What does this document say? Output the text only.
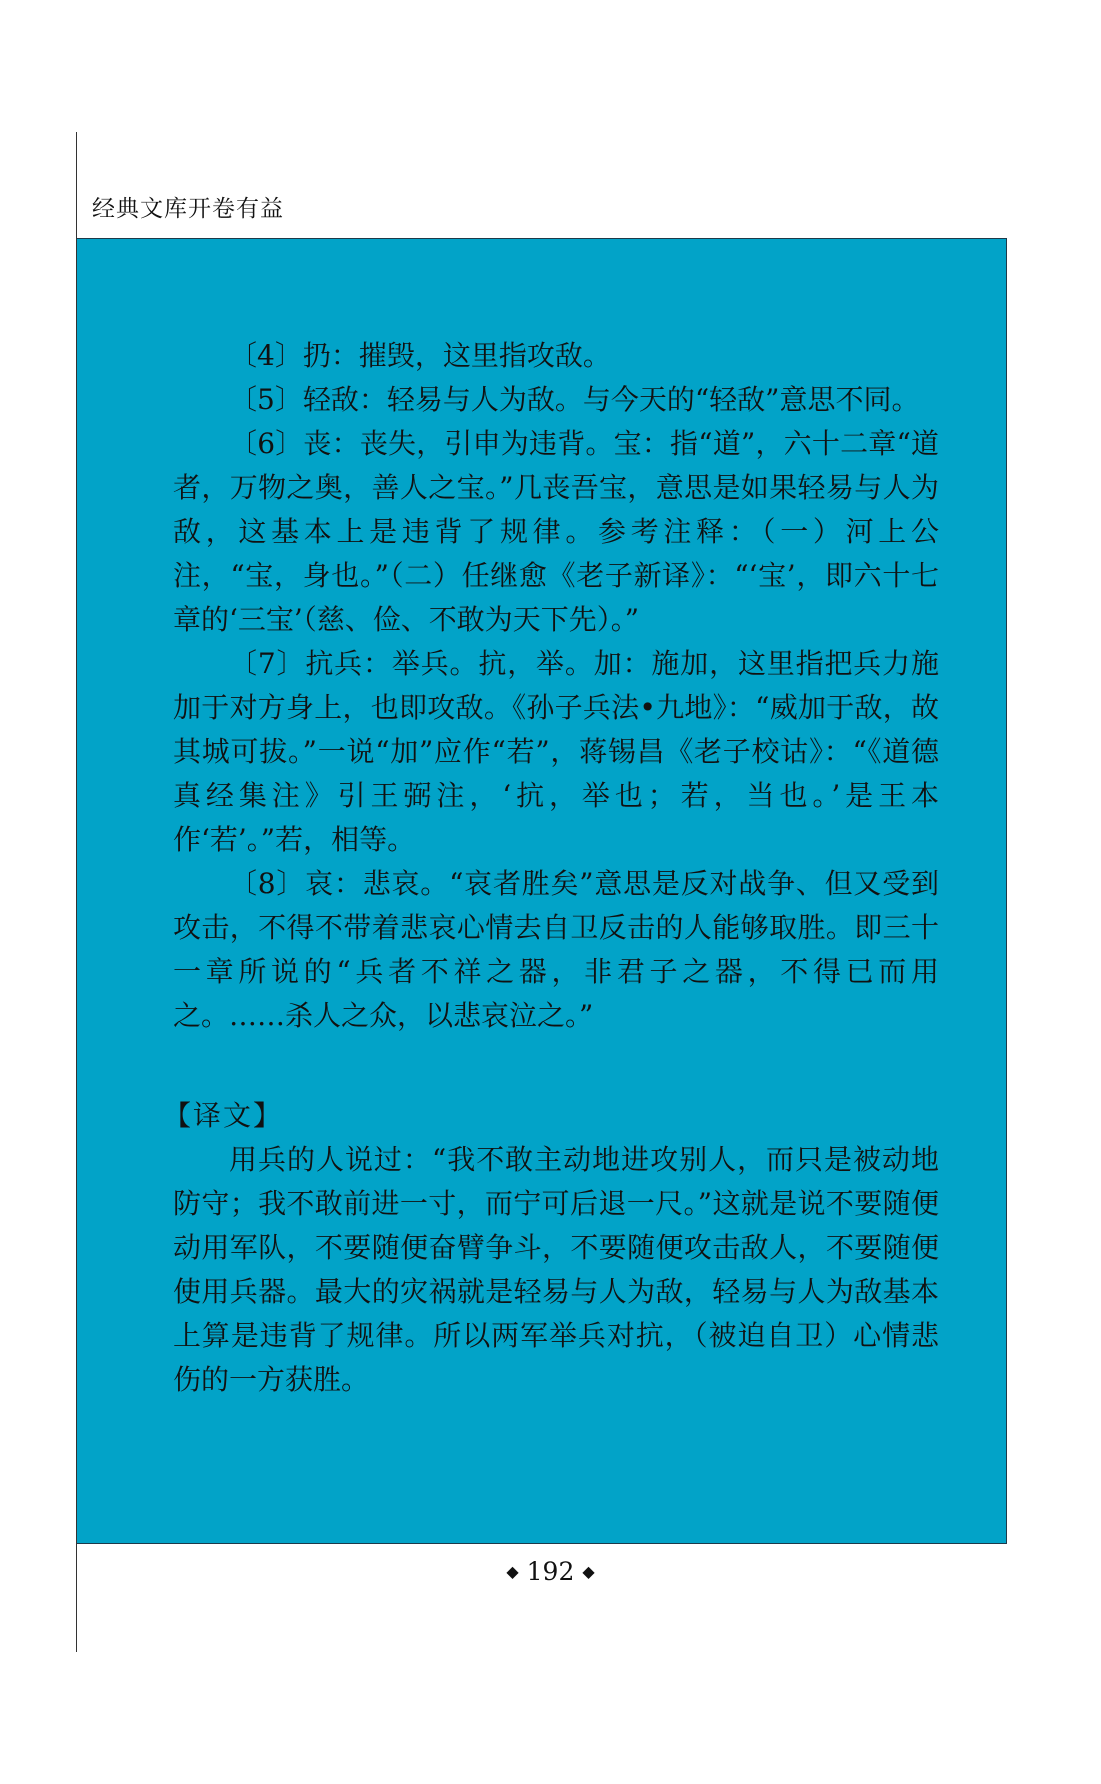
经典文库开卷有益

〔4〕扔：摧毁，这里指攻敌。

〔5〕轻敌：轻易与人为敌。与今天的“轻敌”意思不同。

〔6〕丧：丧失，引申为违背。宝：指“道”，六十二章“道者，万物之奥，善人之宝。”几丧吾宝，意思是如果轻易与人为敌，这基本上是违背了规律。参考注释：（一）河上公注，“宝，身也。”（二）任继愈《老子新译》：“‘宝’，即六十七章的‘三宝’（慈、俭、不敢为天下先）。”

〔7〕抗兵：举兵。抗，举。加：施加，这里指把兵力施加于对方身上，也即攻敌。《孙子兵法•九地》：“威加于敌，故其城可拔。”一说“加”应作“若”，蒋锡昌《老子校诂》：“《道德真经集注》引王弼注，‘抗，举也；若，当也。’是王本作‘若’。”若，相等。

〔8〕哀：悲哀。“哀者胜矣”意思是反对战争、但又受到攻击，不得不带着悲哀心情去自卫反击的人能够取胜。即三十一章所说的“兵者不祥之器，非君子之器，不得已而用之。……杀人之众，以悲哀泣之。”

【译文】

用兵的人说过：“我不敢主动地进攻别人，而只是被动地防守；我不敢前进一寸，而宁可后退一尺。”这就是说不要随便动用军队，不要随便奋臂争斗，不要随便攻击敌人，不要随便使用兵器。最大的灾祸就是轻易与人为敌，轻易与人为敌基本上算是违背了规律。所以两军举兵对抗，（被迫自卫）心情悲伤的一方获胜。

◆ 192 ◆
